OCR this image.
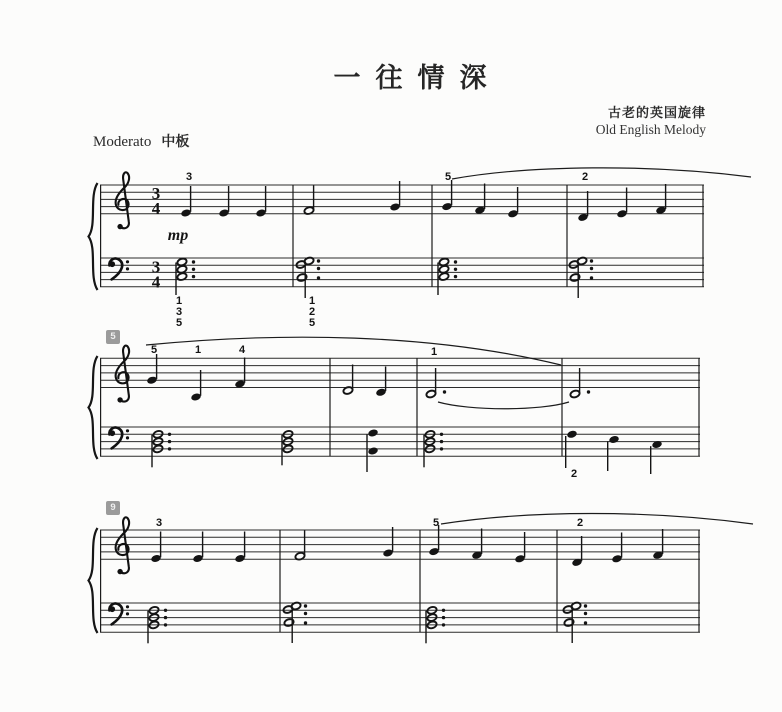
一往情深
古老的英国旋律
Old English Melody
Moderato 中板
5
9
3
4
3
4
mp
3	5	2
1
3
5
1
2
5
5	1	4	1
2
3	5	2
